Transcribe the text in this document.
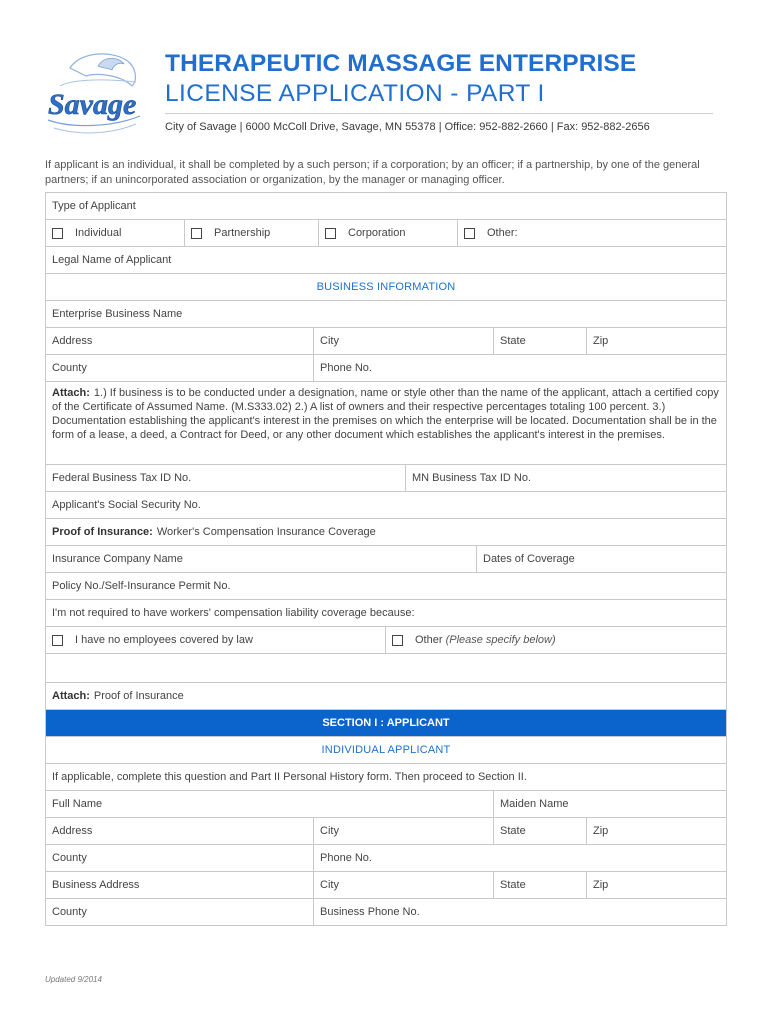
Savage
THERAPEUTIC MASSAGE ENTERPRISE
LICENSE APPLICATION - PART I
City of Savage | 6000 McColl Drive, Savage, MN 55378 | Office: 952-882-2660 | Fax: 952-882-2656
If applicant is an individual, it shall be completed by a such person; if a corporation; by an officer; if a partnership, by one of the general partners; if an unincorporated association or organization, by the manager or managing officer.
Type of Applicant
Individual	Partnership	Corporation	Other:
Legal Name of Applicant
BUSINESS INFORMATION
Enterprise Business Name
Address	City	State	Zip
County	Phone No.
Attach: 1.) If business is to be conducted under a designation, name or style other than the name of the applicant, attach a certified copy of the Certificate of Assumed Name. (M.S333.02) 2.) A list of owners and their respective percentages totaling 100 percent. 3.) Documentation establishing the applicant's interest in the premises on which the enterprise will be located. Documentation shall be in the form of a lease, a deed, a Contract for Deed, or any other document which establishes the applicant's interest in the premises.
Federal Business Tax ID No.	MN Business Tax ID No.
Applicant's Social Security No.
Proof of Insurance: Worker's Compensation Insurance Coverage
Insurance Company Name	Dates of Coverage
Policy No./Self-Insurance Permit No.
I'm not required to have workers' compensation liability coverage because:
I have no employees covered by law	Other
(Please specify below)
Attach: Proof of Insurance
SECTION I : APPLICANT
INDIVIDUAL APPLICANT
If applicable, complete this question and Part II Personal History form. Then proceed to Section II.
Full Name	Maiden Name
Address	City	State	Zip
County	Phone No.
Business Address	City	State	Zip
County	Business Phone No.
Updated 9/2014
